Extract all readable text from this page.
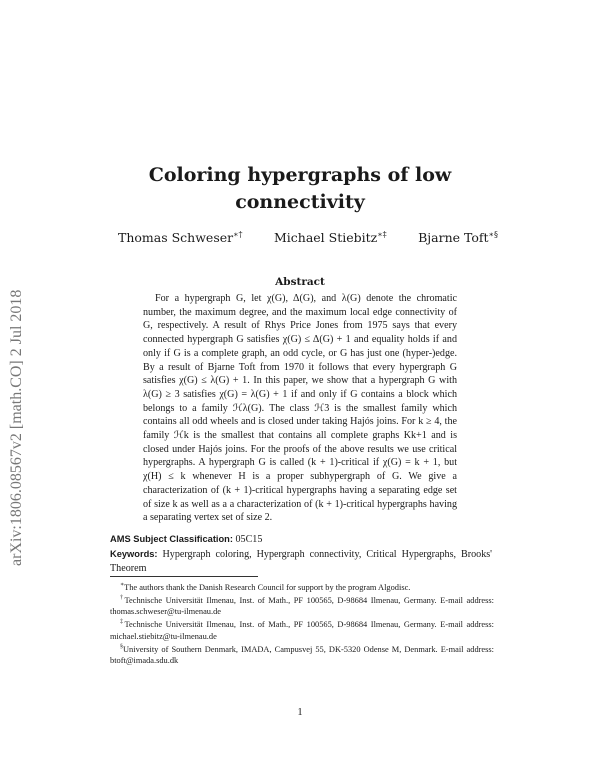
arXiv:1806.08567v2 [math.CO] 2 Jul 2018
Coloring hypergraphs of low connectivity
Thomas Schweser∗†	Michael Stiebitz∗‡	Bjarne Toft∗§
Abstract

For a hypergraph G, let χ(G), Δ(G), and λ(G) denote the chromatic number, the maximum degree, and the maximum local edge connectivity of G, respectively. A result of Rhys Price Jones from 1975 says that every connected hypergraph G satisfies χ(G) ≤ Δ(G) + 1 and equality holds if and only if G is a complete graph, an odd cycle, or G has just one (hyper-)edge. By a result of Bjarne Toft from 1970 it follows that every hypergraph G satisfies χ(G) ≤ λ(G) + 1. In this paper, we show that a hypergraph G with λ(G) ≥ 3 satisfies χ(G) = λ(G) + 1 if and only if G contains a block which belongs to a family ℋλ(G). The class ℋ3 is the smallest family which contains all odd wheels and is closed under taking Hajós joins. For k ≥ 4, the family ℋk is the smallest that contains all complete graphs Kk+1 and is closed under Hajós joins. For the proofs of the above results we use critical hypergraphs. A hypergraph G is called (k + 1)-critical if χ(G) = k + 1, but χ(H) ≤ k whenever H is a proper subhypergraph of G. We give a characterization of (k + 1)-critical hypergraphs having a separating edge set of size k as well as a a characterization of (k + 1)-critical hypergraphs having a separating vertex set of size 2.

AMS Subject Classification: 05C15
Keywords: Hypergraph coloring, Hypergraph connectivity, Critical Hypergraphs, Brooks' Theorem

∗The authors thank the Danish Research Council for support by the program Algodisc.

†Technische Universität Ilmenau, Inst. of Math., PF 100565, D-98684 Ilmenau, Germany. E-mail address: thomas.schweser@tu-ilmenau.de

‡Technische Universität Ilmenau, Inst. of Math., PF 100565, D-98684 Ilmenau, Germany. E-mail address: michael.stiebitz@tu-ilmenau.de

§University of Southern Denmark, IMADA, Campusvej 55, DK-5320 Odense M, Denmark. E-mail address: btoft@imada.sdu.dk

1
